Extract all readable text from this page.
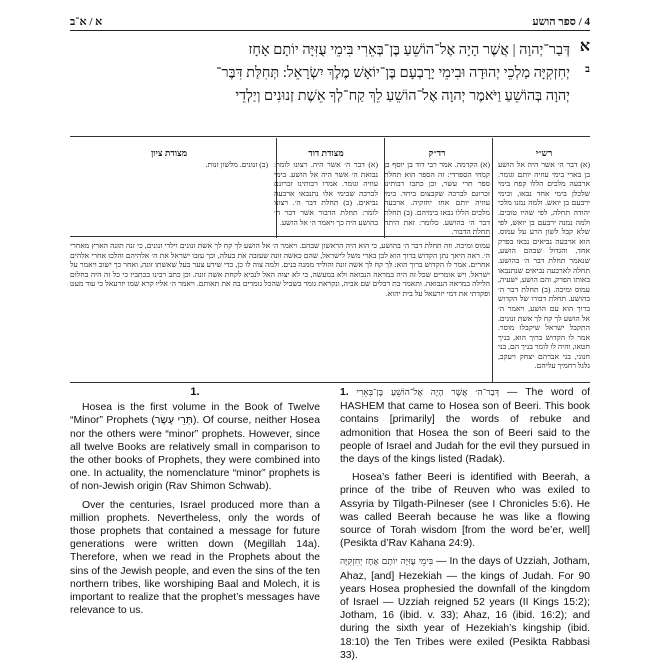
א / א־ב	4 / ספר הושע
א
ב
דְּבַר־יְהוָה | אֲשֶׁר הָיָה אֶל־הוֹשֵׁעַ בֶּן־בְּאֵרִי בִּימֵי עֻזִּיָּה יוֹתָם אָחָז
יְחִזְקִיָּה מַלְכֵי יְהוּדָה וּבִימֵי יָרָבְעָם בֶּן־יוֹאָשׁ מֶלֶךְ יִשְׂרָאֵל: תְּחִלַּת דִּבֶּר־
יְהוָה בְּהוֹשֵׁעַ וַיֹּאמֶר יְהוָה אֶל־הוֹשֵׁעַ לֵךְ קַח־לְךָ אֵשֶׁת זְנוּנִים וְיַלְדֵי
רש״י
(א) דבר ה׳ אשר היה אל הושע בן בארי בימי עוזיה יותם וגומר. ארבעה מלכים הללו קפח בימי שלכלן בימי אחד נבאו, ובימי ירבעם בן יואש. ולמה נמנו מלכי יהודה תחלה, לפי שהיו טובים. ולמה נמנה ירבעם בן יואש, לפי שלא קבל לשון הרע על עמוס. הוא ארבעה נביאים נבאו בפרק אחד, והגדול שבהם הושע, שנאמר תחלת דבר ה׳ בהושע. תחלה לארבעה נביאים שנתנבאו באותו הפרק, והם הושע, ישעיה, עמוס ומיכה. (ב) תחלת דבר ה׳ בהושע. תחלת דבורו של הקדוש ברוך הוא עם הושע, ויאמר ה׳ אל הושע לך קח לך אשת זנונים. התקבל ישראל שיקבלו מוסר. אמר לו הקדוש ברוך הוא, בניך חטאו, והיה לו לומר בניך הם, בני חנוני, בני אברהם יצחק ויעקב, גלגל רחמיך עליהם.
רד״ק
(א) הקדמה. אמר רבי דוד בן יוסף בן קמחי הספרדי: זה הספר הוא תחלת ספר תרי עשר, וכן כתבו רבותינו זכרונם לברכה שקבצום ביחד. בימי עוזיה יותם אחז יחזקיה. ארבעה מלכים הללו נבאו בימיהם. (ב) תחלת דבר ה׳ בהושע. כלומר: זאת היתה תחלת הדבור.
מצודת דוד
(א) דבר ה׳ אשר היה. רצונו לומר: נבואת ה׳ אשר היה אל הושע. בימי עוזיה וגומר. אמרו רבותינו זכרונם לברכה שבימי אלו נתנבאו ארבעה נביאים. (ב) תחלת דבר ה׳. רצונו לומר: תחלת הדבור אשר דבר ה׳ בהושע היה כך ויאמר ה׳ אל הושע.
מצודת ציון
(ב) זנונים. מלשון זנות.
עמוס ומיכה. וזה תחלת דבר ה׳ בהושע, כי הוא היה הראשון שבהם. ויאמר ה׳ אל הושע לך קח לך אשת זנונים וילדי זנונים, כי זנה תזנה הארץ מאחרי ה׳. ראה היאך נתן הקדוש ברוך הוא לבן בארי משל לישראל, שהם כאשה זונה שעזבה את בעלה, וכך עזבו ישראל את ה׳ אלהיהם והלכו אחרי אלהים אחרים. אמר לו הקדוש ברוך הוא: לך קח לך אשה זונה והוליד ממנה בנים. ולמה צוה לו כן, כדי שידע צער בעל שאשתו זונה, ואחר כך ישוב ויאמר על ישראל. ויש אומרים שכל זה היה במראה הנבואה ולא במעשה, כי לא יצוה האל לנביא לקחת אשה זונה. וכן כתב רבינו בכתביו כי כל זה היה בחלום הלילה במראה הנבואה. ותאמר בת דבלים שם אביה, ונקראת גומר בשביל שהכל גומרים בה את תאותם. ויאמר ה׳ אליו קרא שמו יזרעאל כי עוד מעט ופקדתי את דמי יזרעאל על בית יהוא.
1.

Hosea is the first volume in the Book of Twelve “Minor” Prophets (תְּרֵי עָשָׂר). Of course, neither Hosea nor the others were “minor” prophets. However, since all twelve Books are relatively small in comparison to the other books of Prophets, they were combined into one. In actuality, the nomenclature “minor” prophets is of non-Jewish origin (Rav Shimon Schwab).

Over the centuries, Israel produced more than a million prophets. Nevertheless, only the words of those prophets that contained a message for future generations were written down (Megillah 14a). Therefore, when we read in the Prophets about the sins of the Jewish people, and even the sins of the ten northern tribes, like worshiping Baal and Molech, it is important to realize that the prophet’s messages have relevance to us.

1. דְּבַר־ה׳ אֲשֶׁר הָיָה אֶל־הוֹשֵׁעַ בֶּן־בְּאֵרִי — The word of HASHEM that came to Hosea son of Beeri. This book contains [primarily] the words of rebuke and admonition that Hosea the son of Beeri said to the people of Israel and Judah for the evil they pursued in the days of the kings listed (Radak).

Hosea’s father Beeri is identified with Beerah, a prince of the tribe of Reuven who was exiled to Assyria by Tilgath-Pilneser (see I Chronicles 5:6). He was called Beerah because he was like a flowing source of Torah wisdom [from the word be’er, well] (Pesikta d’Rav Kahana 24:9).

בִּימֵי עֻזִּיָּה יוֹתָם אָחָז יְחִזְקִיָּה — In the days of Uzziah, Jotham, Ahaz, [and] Hezekiah — the kings of Judah. For 90 years Hosea prophesied the downfall of the kingdom of Israel — Uzziah reigned 52 years (II Kings 15:2); Jotham, 16 (ibid. v. 33); Ahaz, 16 (ibid. 16:2); and during the sixth year of Hezekiah’s kingship (ibid. 18:10) the Ten Tribes were exiled (Pesikta Rabbasi 33).
